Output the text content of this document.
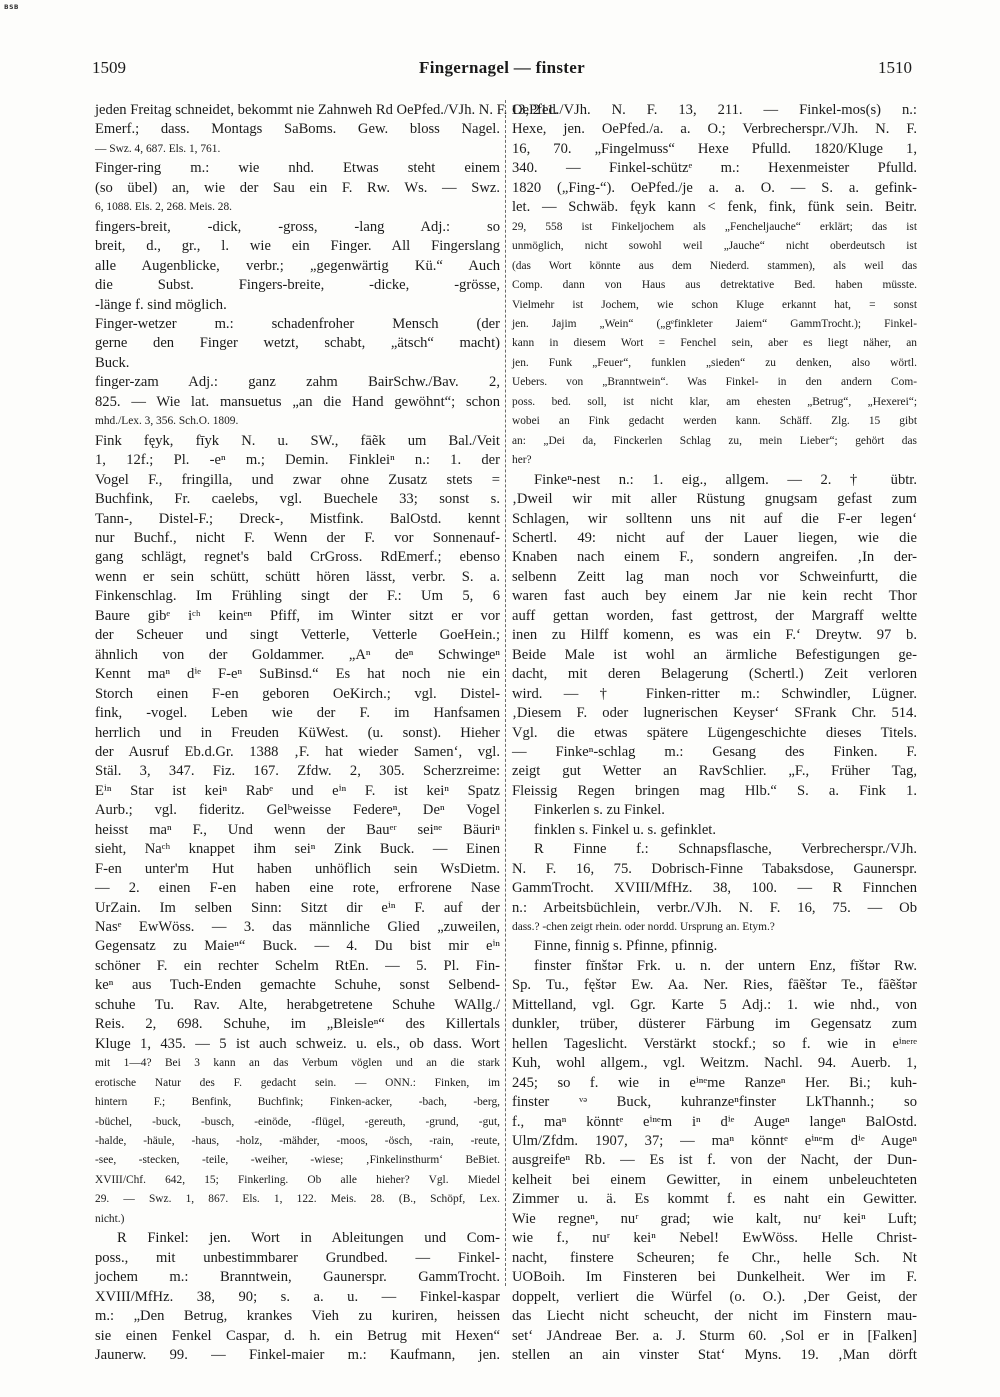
BSB
1509	Fingernagel — finster	1510
jeden Freitag schneidet, bekommt nie Zahnweh Rd OePfed./VJh. N. F. 13, 211.
Emerf.; dass. Montags SaBoms. Gew. bloss Nagel.
— Swz. 4, 687. Els. 1, 761.
Finger-ring m.: wie nhd. Etwas steht einem
(so übel) an, wie der Sau ein F. Rw. Ws. — Swz.
6, 1088. Els. 2, 268. Meis. 28.
fingers-breit, -dick, -gross, -lang Adj.: so
breit, d., gr., l. wie ein Finger. All Fingerslang
alle Augenblicke, verbr.; „gegenwärtig Kü.“ Auch
die Subst. Fingers-breite, -dicke, -grösse,
-länge f. sind möglich.
Finger-wetzer m.: schadenfroher Mensch (der
gerne den Finger wetzt, schabt, „ätsch“ macht)
Buck.
finger-zam Adj.: ganz zahm BairSchw./Bav. 2,
825. — Wie lat. mansuetus „an die Hand gewöhnt“; schon
mhd./Lex. 3, 356. Sch.O. 1809.
Fink fęyk, fīyk N. u. SW., fāẽk um Bal./Veit
1, 12f.; Pl. -eⁿ m.; Demin. Finkleiⁿ n.: 1. der
Vogel F., fringilla, und zwar ohne Zusatz stets =
Buchfink, Fr. caelebs, vgl. Buechele 33; sonst s.
Tann-, Distel-F.; Dreck-, Mistfink. BalOstd. kennt
nur Buchf., nicht F. Wenn der F. vor Sonnenauf-
gang schlägt, regnet's bald CrGross. RdEmerf.; ebenso
wenn er sein schütt, schütt hören lässt, verbr. S. a.
Finkenschlag. Im Frühling singt der F.: Um 5, 6
Baure gibᵉ iᶜʰ keinᵉⁿ Pfiff, im Winter sitzt er vor
der Scheuer und singt Vetterle, Vetterle GoeHein.;
ähnlich von der Goldammer. „Aⁿ deⁿ Schwingeⁿ
Kennt maⁿ dⁱᵉ F-eⁿ SuBinsd.“ Es hat noch nie ein
Storch einen F-en geboren OeKirch.; vgl. Distel-
fink, -vogel. Leben wie der F. im Hanfsamen
herrlich und in Freuden KüWest. (u. sonst). Hieher
der Ausruf Eb.d.Gr. 1388 ‚F. hat wieder Samen‘, vgl.
Stäl. 3, 347. Fiz. 167. Zfdw. 2, 305. Scherzreime:
Eⁱⁿ Star ist keiⁿ Rabᵉ und eⁱⁿ F. ist keiⁿ Spatz
Aurb.; vgl. fideritz. Gelᵇweisse Federeⁿ, Deⁿ Vogel
heisst maⁿ F., Und wenn der Bauᵉʳ seiⁿᵉ Bäuriⁿ
sieht, Naᶜʰ knappet ihm seiⁿ Zink Buck. — Einen
F-en unter'm Hut haben unhöflich sein WsDietm.
— 2. einen F-en haben eine rote, erfrorene Nase
UrZain. Im selben Sinn: Sitzt dir eⁱⁿ F. auf der
Nasᵉ EwWöss. — 3. das männliche Glied „zuweilen,
Gegensatz zu Maieⁿ“ Buck. — 4. Du bist mir eⁱⁿ
schöner F. ein rechter Schelm RtEn. — 5. Pl. Fin-
keⁿ aus Tuch-Enden gemachte Schuhe, sonst Selbend-
schuhe Tu. Rav. Alte, herabgetretene Schuhe WAllg./
Reis. 2, 698. Schuhe, im „Bleisleⁿ“ des Killertals
Kluge 1, 435. — 5 ist auch schweiz. u. els., ob dass. Wort
mit 1—4? Bei 3 kann an das Verbum vöglen und an die stark
erotische Natur des F. gedacht sein. — ONN.: Finken, im
hintern F.; Benfink, Buchfink; Finken-acker, -bach, -berg,
-büchel, -buck, -busch, -einöde, -flügel, -gereuth, -grund, -gut,
-halde, -häule, -haus, -holz, -mähder, -moos, -ösch, -rain, -reute,
-see, -stecken, -teile, -weiher, -wiese; ‚Finkelinsthurm‘ BeBiet.
XVIII/Chf. 642, 15; Finkerling. Ob alle hieher? Vgl. Miedel
29. — Swz. 1, 867. Els. 1, 122. Meis. 28. (B., Schöpf, Lex.
nicht.)
R Finkel: jen. Wort in Ableitungen und Com-
poss., mit unbestimmbarer Grundbed. — Finkel-
jochem m.: Branntwein, Gaunerspr. GammTrocht.
XVIII/MfHz. 38, 90; s. a. u. — Finkel-kaspar
m.: „Den Betrug, krankes Vieh zu kuriren, heissen
sie einen Fenkel Caspar, d. h. ein Betrug mit Hexen“
Jaunerw. 99. — Finkel-maier m.: Kaufmann, jen.
OePfed./VJh. N. F. 13, 211. — Finkel-mos(s) n.:
Hexe, jen. OePfed./a. a. O.; Verbrecherspr./VJh. N. F.
16, 70. „Fingelmuss“ Hexe Pfulld. 1820/Kluge 1,
340. — Finkel-schützᵉ m.: Hexenmeister Pfulld.
1820 („Fing-“). OePfed./je a. a. O. — S. a. gefink-
let. — Schwäb. fęyk kann < fenk, fink, fünk sein. Beitr.
29, 558 ist Finkeljochem als „Fencheljauche“ erklärt; das ist
unmöglich, nicht sowohl weil „Jauche“ nicht oberdeutsch ist
(das Wort könnte aus dem Niederd. stammen), als weil das
Comp. dann von Haus aus detrektative Bed. haben müsste.
Vielmehr ist Jochem, wie schon Kluge erkannt hat, = sonst
jen. Jajim „Wein“ („gᵉfinkleter Jaiem“ GammTrocht.); Finkel-
kann in diesem Wort = Fenchel sein, aber es liegt näher, an
jen. Funk „Feuer“, funklen „sieden“ zu denken, also wörtl.
Uebers. von „Branntwein“. Was Finkel- in den andern Com-
poss. bed. soll, ist nicht klar, am ehesten „Betrug“, „Hexerei“;
wobei an Fink gedacht werden kann. Schäff. Zlg. 15 gibt
an: „Dei da, Finckerlen Schlag zu, mein Lieber“; gehört das
her?
Finkeⁿ-nest n.: 1. eig., allgem. — 2. † übtr.
‚Dweil wir mit aller Rüstung gnugsam gefast zum
Schlagen, wir solltenn uns nit auf die F-er legen‘
Schertl. 49: nicht auf der Lauer liegen, wie die
Knaben nach einem F., sondern angreifen. ‚In der-
selbenn Zeitt lag man noch vor Schweinfurtt, die
waren fast auch bey einem Jar nie kein recht Thor
auff gettan worden, fast gettrost, der Margraff weltte
inen zu Hilff komenn, es was ein F.‘ Dreytw. 97 b.
Beide Male ist wohl an ärmliche Befestigungen ge-
dacht, mit deren Belagerung (Schertl.) Zeit verloren
wird. — † Finken-ritter m.: Schwindler, Lügner.
‚Diesem F. oder lugnerischen Keyser‘ SFrank Chr. 514.
Vgl. die etwas spätere Lügengeschichte dieses Titels.
— Finkeⁿ-schlag m.: Gesang des Finken. F.
zeigt gut Wetter an RavSchlier. „F., Früher Tag,
Fleissig Regen bringen mag Hlb.“ S. a. Fink 1.
Finkerlen s. zu Finkel.
finklen s. Finkel u. s. gefinklet.
R Finne f.: Schnapsflasche, Verbrecherspr./VJh.
N. F. 16, 75. Dobrisch-Finne Tabaksdose, Gaunerspr.
GammTrocht. XVIII/MfHz. 38, 100. — R Finnchen
n.: Arbeitsbüchlein, verbr./VJh. N. F. 16, 75. — Ob
dass.? -chen zeigt rhein. oder nordd. Ursprung an. Etym.?
Finne, finnig s. Pfinne, pfinnig.
finster fīnštər Frk. u. n. der untern Enz, fīštər Rw.
Sp. Tu., fęštər Ew. Aa. Ner. Ries, fāẽštər Te., fāẽštər
Mittelland, vgl. Ggr. Karte 5 Adj.: 1. wie nhd., von
dunkler, trüber, düsterer Färbung im Gegensatz zum
hellen Tageslicht. Verstärkt stockf.; so f. wie in eⁱⁿᵉʳᵉ
Kuh, wohl allgem., vgl. Weitzm. Nachl. 94. Auerb. 1,
245; so f. wie in eⁱⁿᵉme Ranzeⁿ Her. Bi.; kuh-
finster ᵛᵊ Buck, kuhranzeⁿfinster LkThannh.; so
f., maⁿ könntᵉ eⁱⁿᵉm iⁿ dⁱᵉ Augeⁿ langeⁿ BalOstd.
Ulm/Zfdm. 1907, 37; — maⁿ könntᵉ eⁱⁿᵉm dⁱᵉ Augeⁿ
ausgreifeⁿ Rb. — Es ist f. von der Nacht, der Dun-
kelheit bei einem Gewitter, in einem unbeleuchteten
Zimmer u. ä. Es kommt f. es naht ein Gewitter.
Wie regneⁿ, nuʳ grad; wie kalt, nuʳ keiⁿ Luft;
wie f., nuʳ keiⁿ Nebel! EwWöss. Helle Christ-
nacht, finstere Scheuren; fe Chr., helle Sch. Nt
UOBoih. Im Finsteren bei Dunkelheit. Wer im F.
doppelt, verliert die Würfel (o. O.). ‚Der Geist, der
das Liecht nicht scheucht, der nicht im Finstern mau-
set‘ JAndreae Ber. a. J. Sturm 60. ‚Sol er in [Falken]
stellen an ain vinster Stat‘ Myns. 19. ‚Man dörft
